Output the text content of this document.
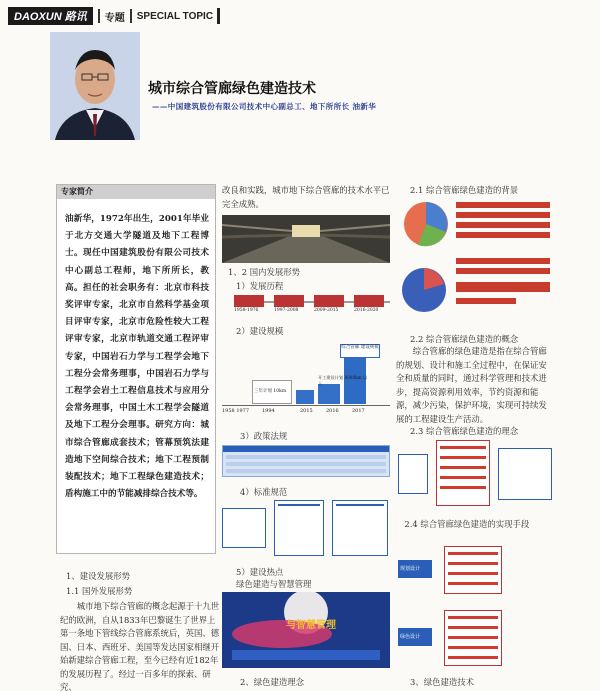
DAOXUN 路讯	专题 SPECIAL TOPIC
城市综合管廊绿色建造技术
——中国建筑股份有限公司技术中心副总工、地下所所长 油新华
专家简介
油新华，1972年出生，2001年毕业于北方交通大学隧道及地下工程博士。现任中国建筑股份有限公司技术中心副总工程师，地下所所长，教高。担任的社会职务有：北京市科技奖评审专家，北京市自然科学基金项目评审专家，北京市危险性较大工程评审专家，北京市轨道交通工程评审专家，中国岩石力学与工程学会地下工程分会常务理事，中国岩石力学与工程学会岩土工程信息技术与应用分会常务理事，中国土木工程学会隧道及地下工程分会理事。研究方向：城市综合管廊成套技术；管幕预筑法建造地下空间综合技术；地下工程预制装配技术；地下工程绿色建造技术；盾构施工中的节能减排综合技术等。
1、建设发展形势
1.1 国外发展形势
城市地下综合管廊的概念起源于十九世纪的欧洲，自从1833年巴黎诞生了世界上第一条地下管线综合管廊系统后，英国、德国、日本、西班牙、美国等发达国家相继开始新建综合管廊工程，至今已经有近182年的发展历程了。经过一百多年的探索、研究、
改良和实践，城市地下综合管廊的技术水平已完全成熟。
1、2 国内发展形势
1）发展历程
1958-1976	1997-2008	2009-2015	2016-2020
2）建设规模
综合管廊 建设规模
三年计划 10km
开工建设计划 8000km 以上
1958 1977	1994	2015	2016	2017
3）政策法规
4）标准规范
5）建设热点
绿色建造与智慧管理
与智慧管理
2、绿色建造理念
2.1 综合管廊绿色建造的背景
2.2 综合管廊绿色建造的概念
综合管廊的绿色建造是指在综合管廊的规划、设计和施工全过程中，在保证安全和质量的同时，通过科学管理和技术进步，提高资源利用效率，节约资源和能源，减少污染，保护环境，实现可持续发展的工程建设生产活动。
2.3 综合管廊绿色建造的理念
2.4 综合管廊绿色建造的实现手段
规划设计
绿色设计
3、绿色建造技术
